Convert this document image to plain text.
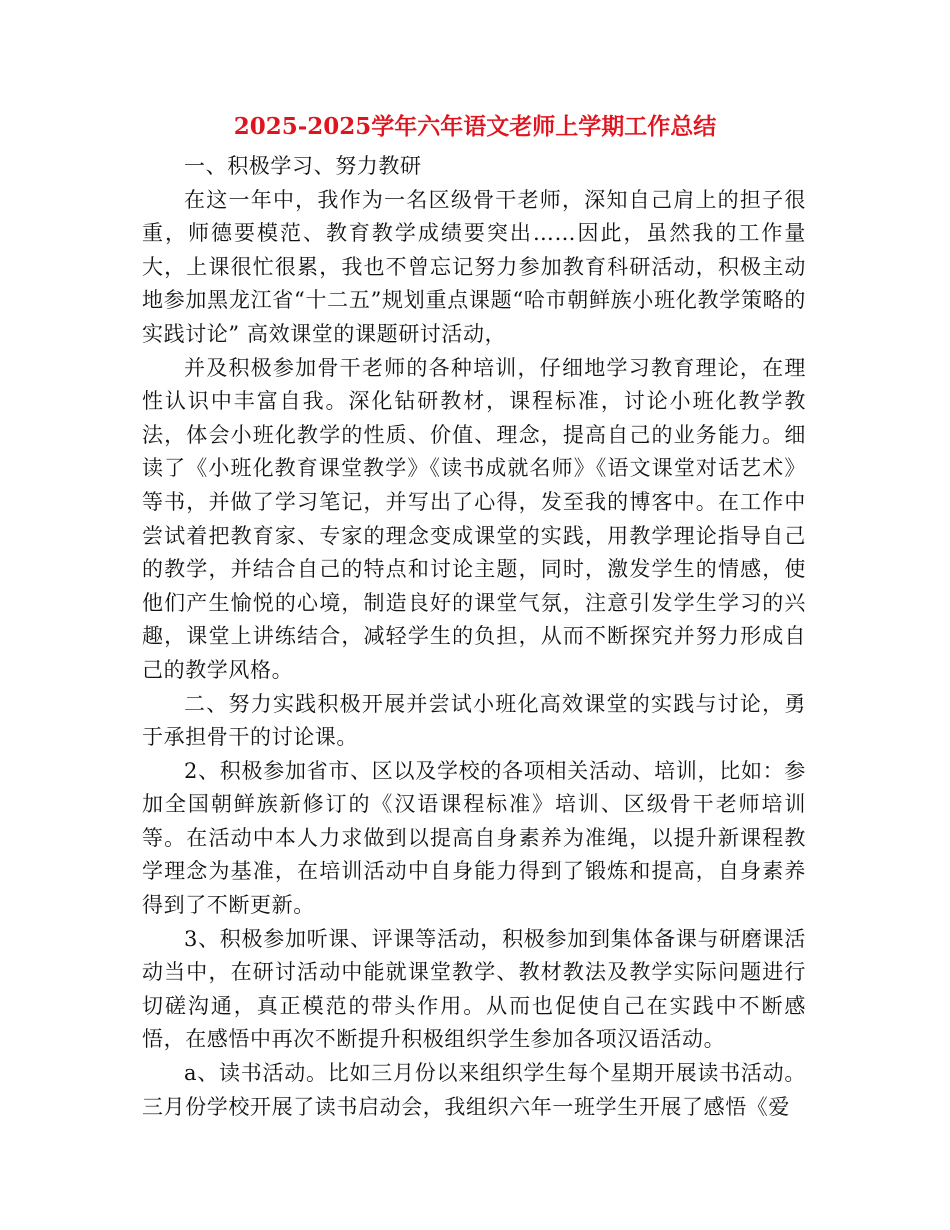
2025-2025学年六年语文老师上学期工作总结

一、积极学习、努力教研

在这一年中，我作为一名区级骨干老师，深知自己肩上的担子很重，师德要模范、教育教学成绩要突出……因此，虽然我的工作量大，上课很忙很累，我也不曾忘记努力参加教育科研活动，积极主动地参加黑龙江省“十二五”规划重点课题“哈市朝鲜族小班化教学策略的实践讨论” 高效课堂的课题研讨活动，

并及积极参加骨干老师的各种培训，仔细地学习教育理论，在理性认识中丰富自我。深化钻研教材，课程标准，讨论小班化教学教法，体会小班化教学的性质、价值、理念，提高自己的业务能力。细读了《小班化教育课堂教学》《读书成就名师》《语文课堂对话艺术》等书，并做了学习笔记，并写出了心得，发至我的博客中。在工作中尝试着把教育家、专家的理念变成课堂的实践，用教学理论指导自己的教学，并结合自己的特点和讨论主题，同时，激发学生的情感，使他们产生愉悦的心境，制造良好的课堂气氛，注意引发学生学习的兴趣，课堂上讲练结合，减轻学生的负担，从而不断探究并努力形成自己的教学风格。

二、努力实践积极开展并尝试小班化高效课堂的实践与讨论，勇于承担骨干的讨论课。

2、积极参加省市、区以及学校的各项相关活动、培训，比如：参加全国朝鲜族新修订的《汉语课程标准》培训、区级骨干老师培训等。在活动中本人力求做到以提高自身素养为准绳，以提升新课程教学理念为基准，在培训活动中自身能力得到了锻炼和提高，自身素养得到了不断更新。

3、积极参加听课、评课等活动，积极参加到集体备课与研磨课活动当中，在研讨活动中能就课堂教学、教材教法及教学实际问题进行切磋沟通，真正模范的带头作用。从而也促使自己在实践中不断感悟，在感悟中再次不断提升积极组织学生参加各项汉语活动。

a、读书活动。比如三月份以来组织学生每个星期开展读书活动。三月份学校开展了读书启动会，我组织六年一班学生开展了感悟《爱
